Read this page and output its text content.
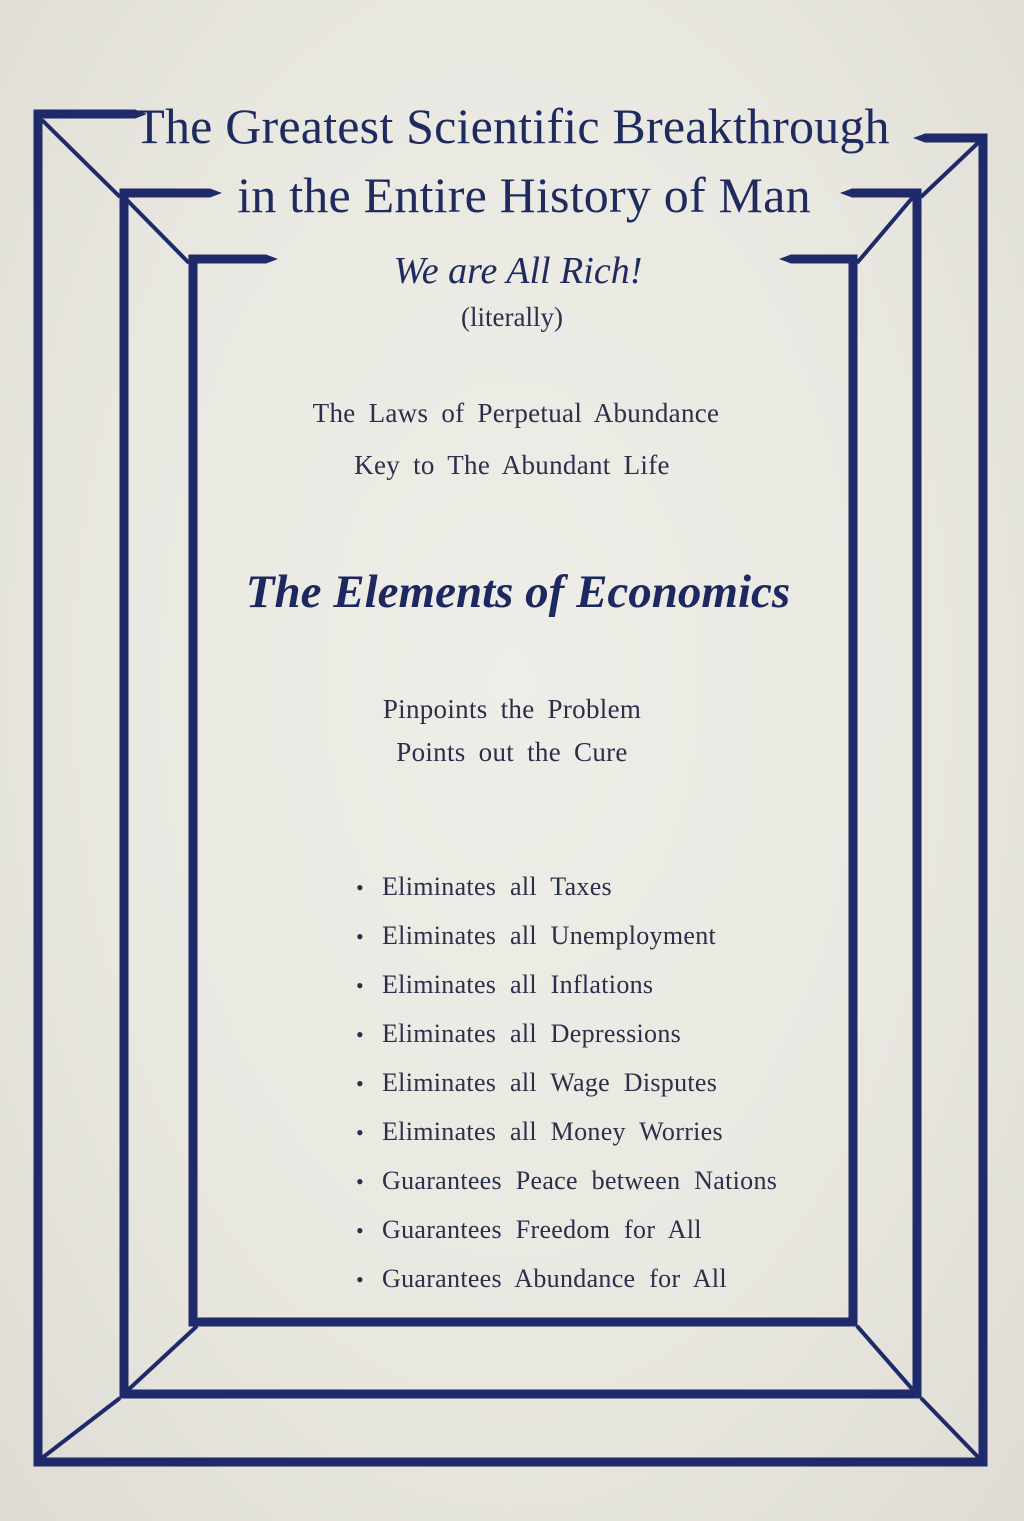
The Greatest Scientific Breakthrough
in the Entire History of Man
We are All Rich!
(literally)
The Laws of Perpetual Abundance
Key to The Abundant Life
The Elements of Economics
Pinpoints the Problem
Points out the Cure
• Eliminates all Taxes
• Eliminates all Unemployment
• Eliminates all Inflations
• Eliminates all Depressions
• Eliminates all Wage Disputes
• Eliminates all Money Worries
• Guarantees Peace between Nations
• Guarantees Freedom for All
• Guarantees Abundance for All
